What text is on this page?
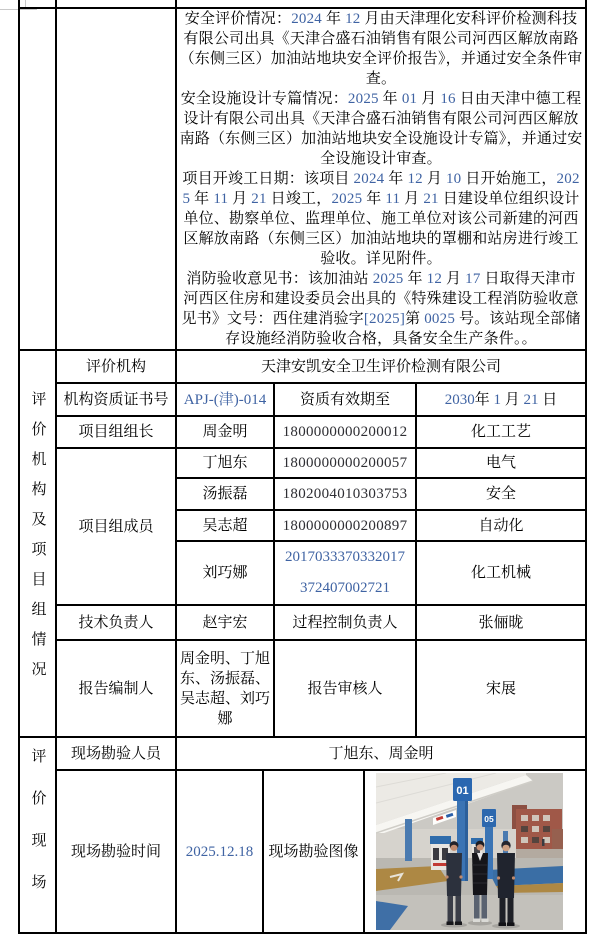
		安全评价情况：2024 年 12 月由天津理化安科评价检测科技有限公司出具《天津合盛石油销售有限公司河西区解放南路（东侧三区）加油站地块安全评价报告》，并通过安全条件审查。

安全设施设计专篇情况：2025 年 01 月 16 日由天津中德工程设计有限公司出具《天津合盛石油销售有限公司河西区解放南路（东侧三区）加油站地块安全设施设计专篇》，并通过安全设施设计审查。

项目开竣工日期：该项目 2024 年 12 月 10 日开始施工，2025 年 11 月 21 日竣工，2025 年 11 月 21 日建设单位组织设计单位、勘察单位、监理单位、施工单位对该公司新建的河西区解放南路（东侧三区）加油站地块的罩棚和站房进行竣工验收。详见附件。

消防验收意见书：该加油站 2025 年 12 月 17 日取得天津市河西区住房和建设委员会出具的《特殊建设工程消防验收意见书》文号：西住建消验字[2025]第 0025 号。该站现全部储存设施经消防验收合格，具备安全生产条件。。				

评价机构及项目组情况	评价机构	天津安凯安全卫生评价检测有限公司				
	机构资质证书号	APJ-(津)-014		资质有效期至		2030年 1 月 21 日
	项目组组长	周金明		1800000000200012		化工工艺
	项目组成员	丁旭东		1800000000200057		电气
		汤振磊		1802004010303753		安全
		吴志超		1800000000200897		自动化
		刘巧娜		2017033370332017
372407002721		化工机械
	技术负责人	赵宇宏		过程控制负责人		张俪昽
	报告编制人	周金明、丁旭东、汤振磊、吴志超、刘巧娜		报告审核人		宋展
评价现场	现场勘验人员	丁旭东、周金明				
	现场勘验时间	2025.12.18	现场勘验图像		01
05	
